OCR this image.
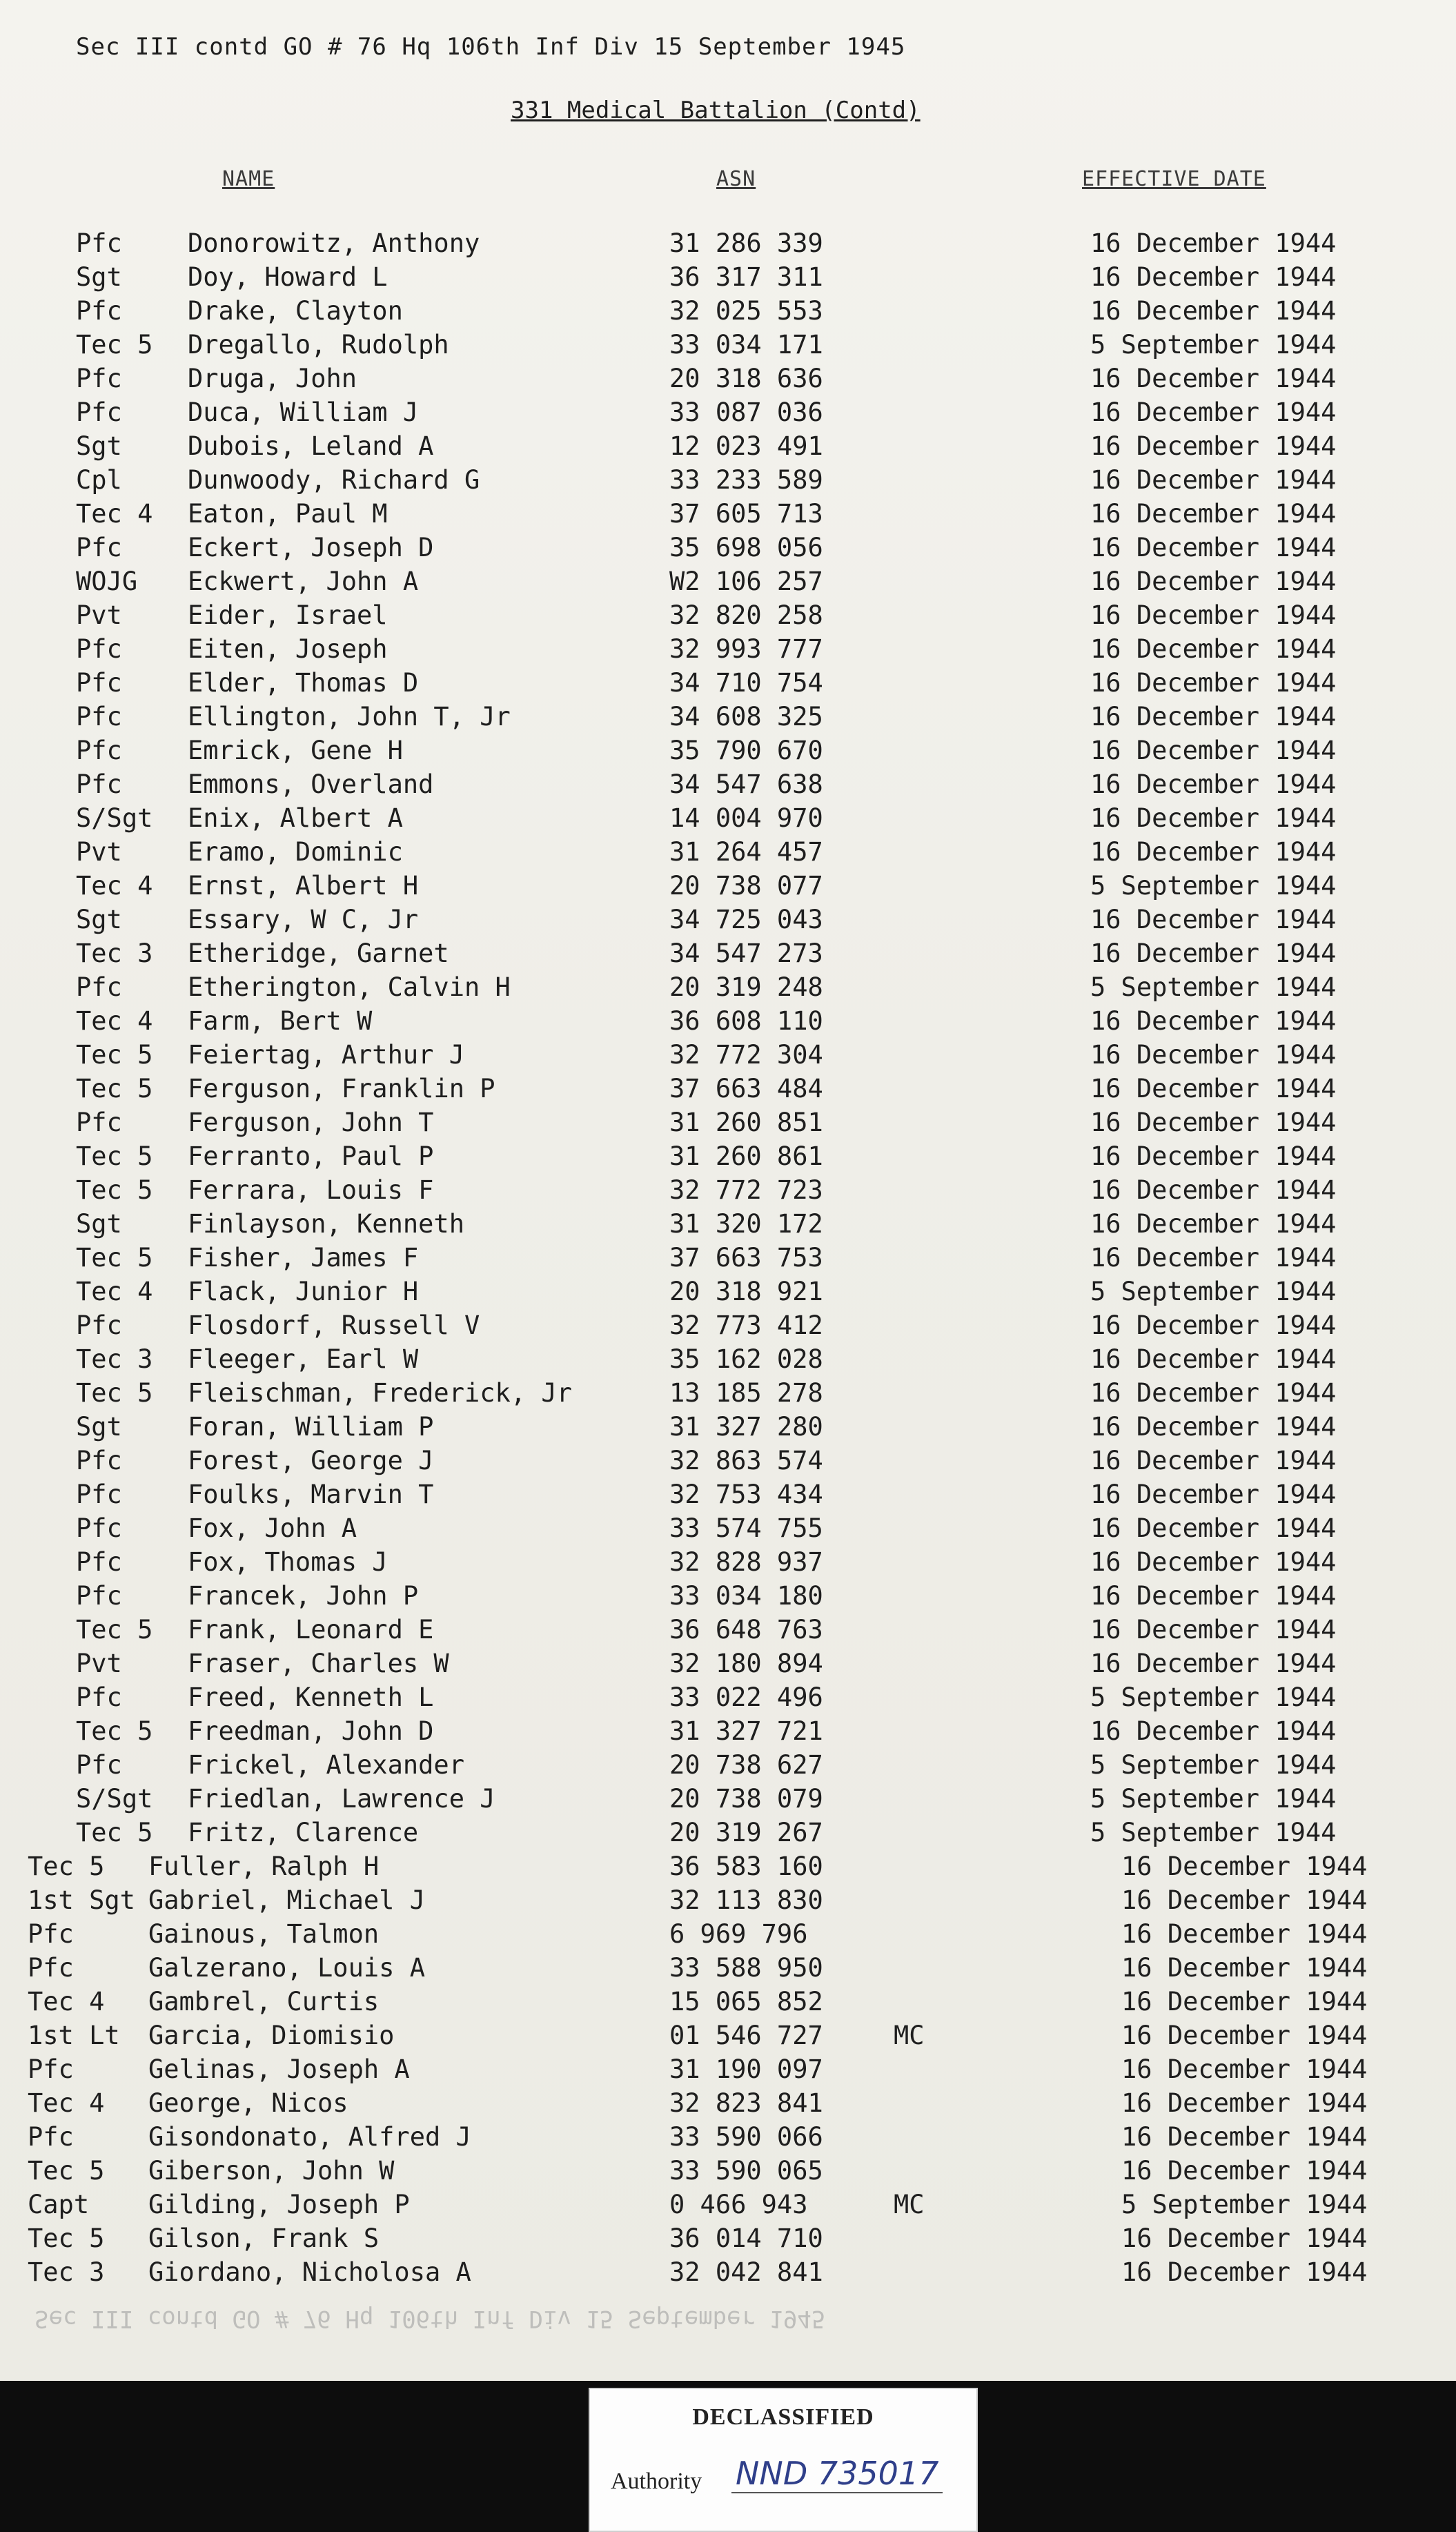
Sec III contd GO # 76 Hq 106th Inf Div 15 September 1945
331 Medical Battalion (Contd)
NAME	ASN	EFFECTIVE DATE
Pfc	Donorowitz, Anthony	31 286 339	16 December 1944
Sgt	Doy, Howard L	36 317 311	16 December 1944
Pfc	Drake, Clayton	32 025 553	16 December 1944
Tec 5 Dregallo, Rudolph	33 034 171	5 September 1944
Pfc	Druga, John	20 318 636	16 December 1944
Pfc	Duca, William J	33 087 036	16 December 1944
Sgt	Dubois, Leland A	12 023 491	16 December 1944
Cpl	Dunwoody, Richard G	33 233 589	16 December 1944
Tec 4 Eaton, Paul M	37 605 713	16 December 1944
Pfc	Eckert, Joseph D	35 698 056	16 December 1944
WOJG Eckwert, John A	W2 106 257	16 December 1944
Pvt	Eider, Israel	32 820 258	16 December 1944
Pfc	Eiten, Joseph	32 993 777	16 December 1944
Pfc	Elder, Thomas D	34 710 754	16 December 1944
Pfc	Ellington, John T, Jr	34 608 325	16 December 1944
Pfc	Emrick, Gene H	35 790 670	16 December 1944
Pfc	Emmons, Overland	34 547 638	16 December 1944
S/Sgt Enix, Albert A	14 004 970	16 December 1944
Pvt	Eramo, Dominic	31 264 457	16 December 1944
Tec 4 Ernst, Albert H	20 738 077	5 September 1944
Sgt	Essary, W C, Jr	34 725 043	16 December 1944
Tec 3 Etheridge, Garnet	34 547 273	16 December 1944
Pfc	Etherington, Calvin H	20 319 248	5 September 1944
Tec 4 Farm, Bert W	36 608 110	16 December 1944
Tec 5 Feiertag, Arthur J	32 772 304	16 December 1944
Tec 5 Ferguson, Franklin P	37 663 484	16 December 1944
Pfc	Ferguson, John T	31 260 851	16 December 1944
Tec 5 Ferranto, Paul P	31 260 861	16 December 1944
Tec 5 Ferrara, Louis F	32 772 723	16 December 1944
Sgt	Finlayson, Kenneth	31 320 172	16 December 1944
Tec 5 Fisher, James F	37 663 753	16 December 1944
Tec 4 Flack, Junior H	20 318 921	5 September 1944
Pfc	Flosdorf, Russell V	32 773 412	16 December 1944
Tec 3 Fleeger, Earl W	35 162 028	16 December 1944
Tec 5 Fleischman, Frederick, Jr	13 185 278	16 December 1944
Sgt	Foran, William P	31 327 280	16 December 1944
Pfc	Forest, George J	32 863 574	16 December 1944
Pfc	Foulks, Marvin T	32 753 434	16 December 1944
Pfc	Fox, John A	33 574 755	16 December 1944
Pfc	Fox, Thomas J	32 828 937	16 December 1944
Pfc	Francek, John P	33 034 180	16 December 1944
Tec 5 Frank, Leonard E	36 648 763	16 December 1944
Pvt	Fraser, Charles W	32 180 894	16 December 1944
Pfc	Freed, Kenneth L	33 022 496	5 September 1944
Tec 5 Freedman, John D	31 327 721	16 December 1944
Pfc	Frickel, Alexander	20 738 627	5 September 1944
S/Sgt Friedlan, Lawrence J	20 738 079	5 September 1944
Tec 5 Fritz, Clarence	20 319 267	5 September 1944
Tec 5 Fuller, Ralph H	36 583 160	16 December 1944
1st Sgt Gabriel, Michael J	32 113 830	16 December 1944
Pfc	Gainous, Talmon	6 969 796	16 December 1944
Pfc	Galzerano, Louis A	33 588 950	16 December 1944
Tec 4 Gambrel, Curtis	15 065 852	16 December 1944
1st Lt Garcia, Diomisio	01 546 727	MC	16 December 1944
Pfc	Gelinas, Joseph A	31 190 097	16 December 1944
Tec 4 George, Nicos	32 823 841	16 December 1944
Pfc	Gisondonato, Alfred J	33 590 066	16 December 1944
Tec 5 Giberson, John W	33 590 065	16 December 1944
Capt Gilding, Joseph P	0 466 943	MC	5 September 1944
Tec 5 Gilson, Frank S	36 014 710	16 December 1944
Tec 3 Giordano, Nicholosa A	32 042 841	16 December 1944
Sec III contd GO # 76 Hq 106th Inf Div 15 September 1945
DECLASSIFIED
Authority NND 735017
